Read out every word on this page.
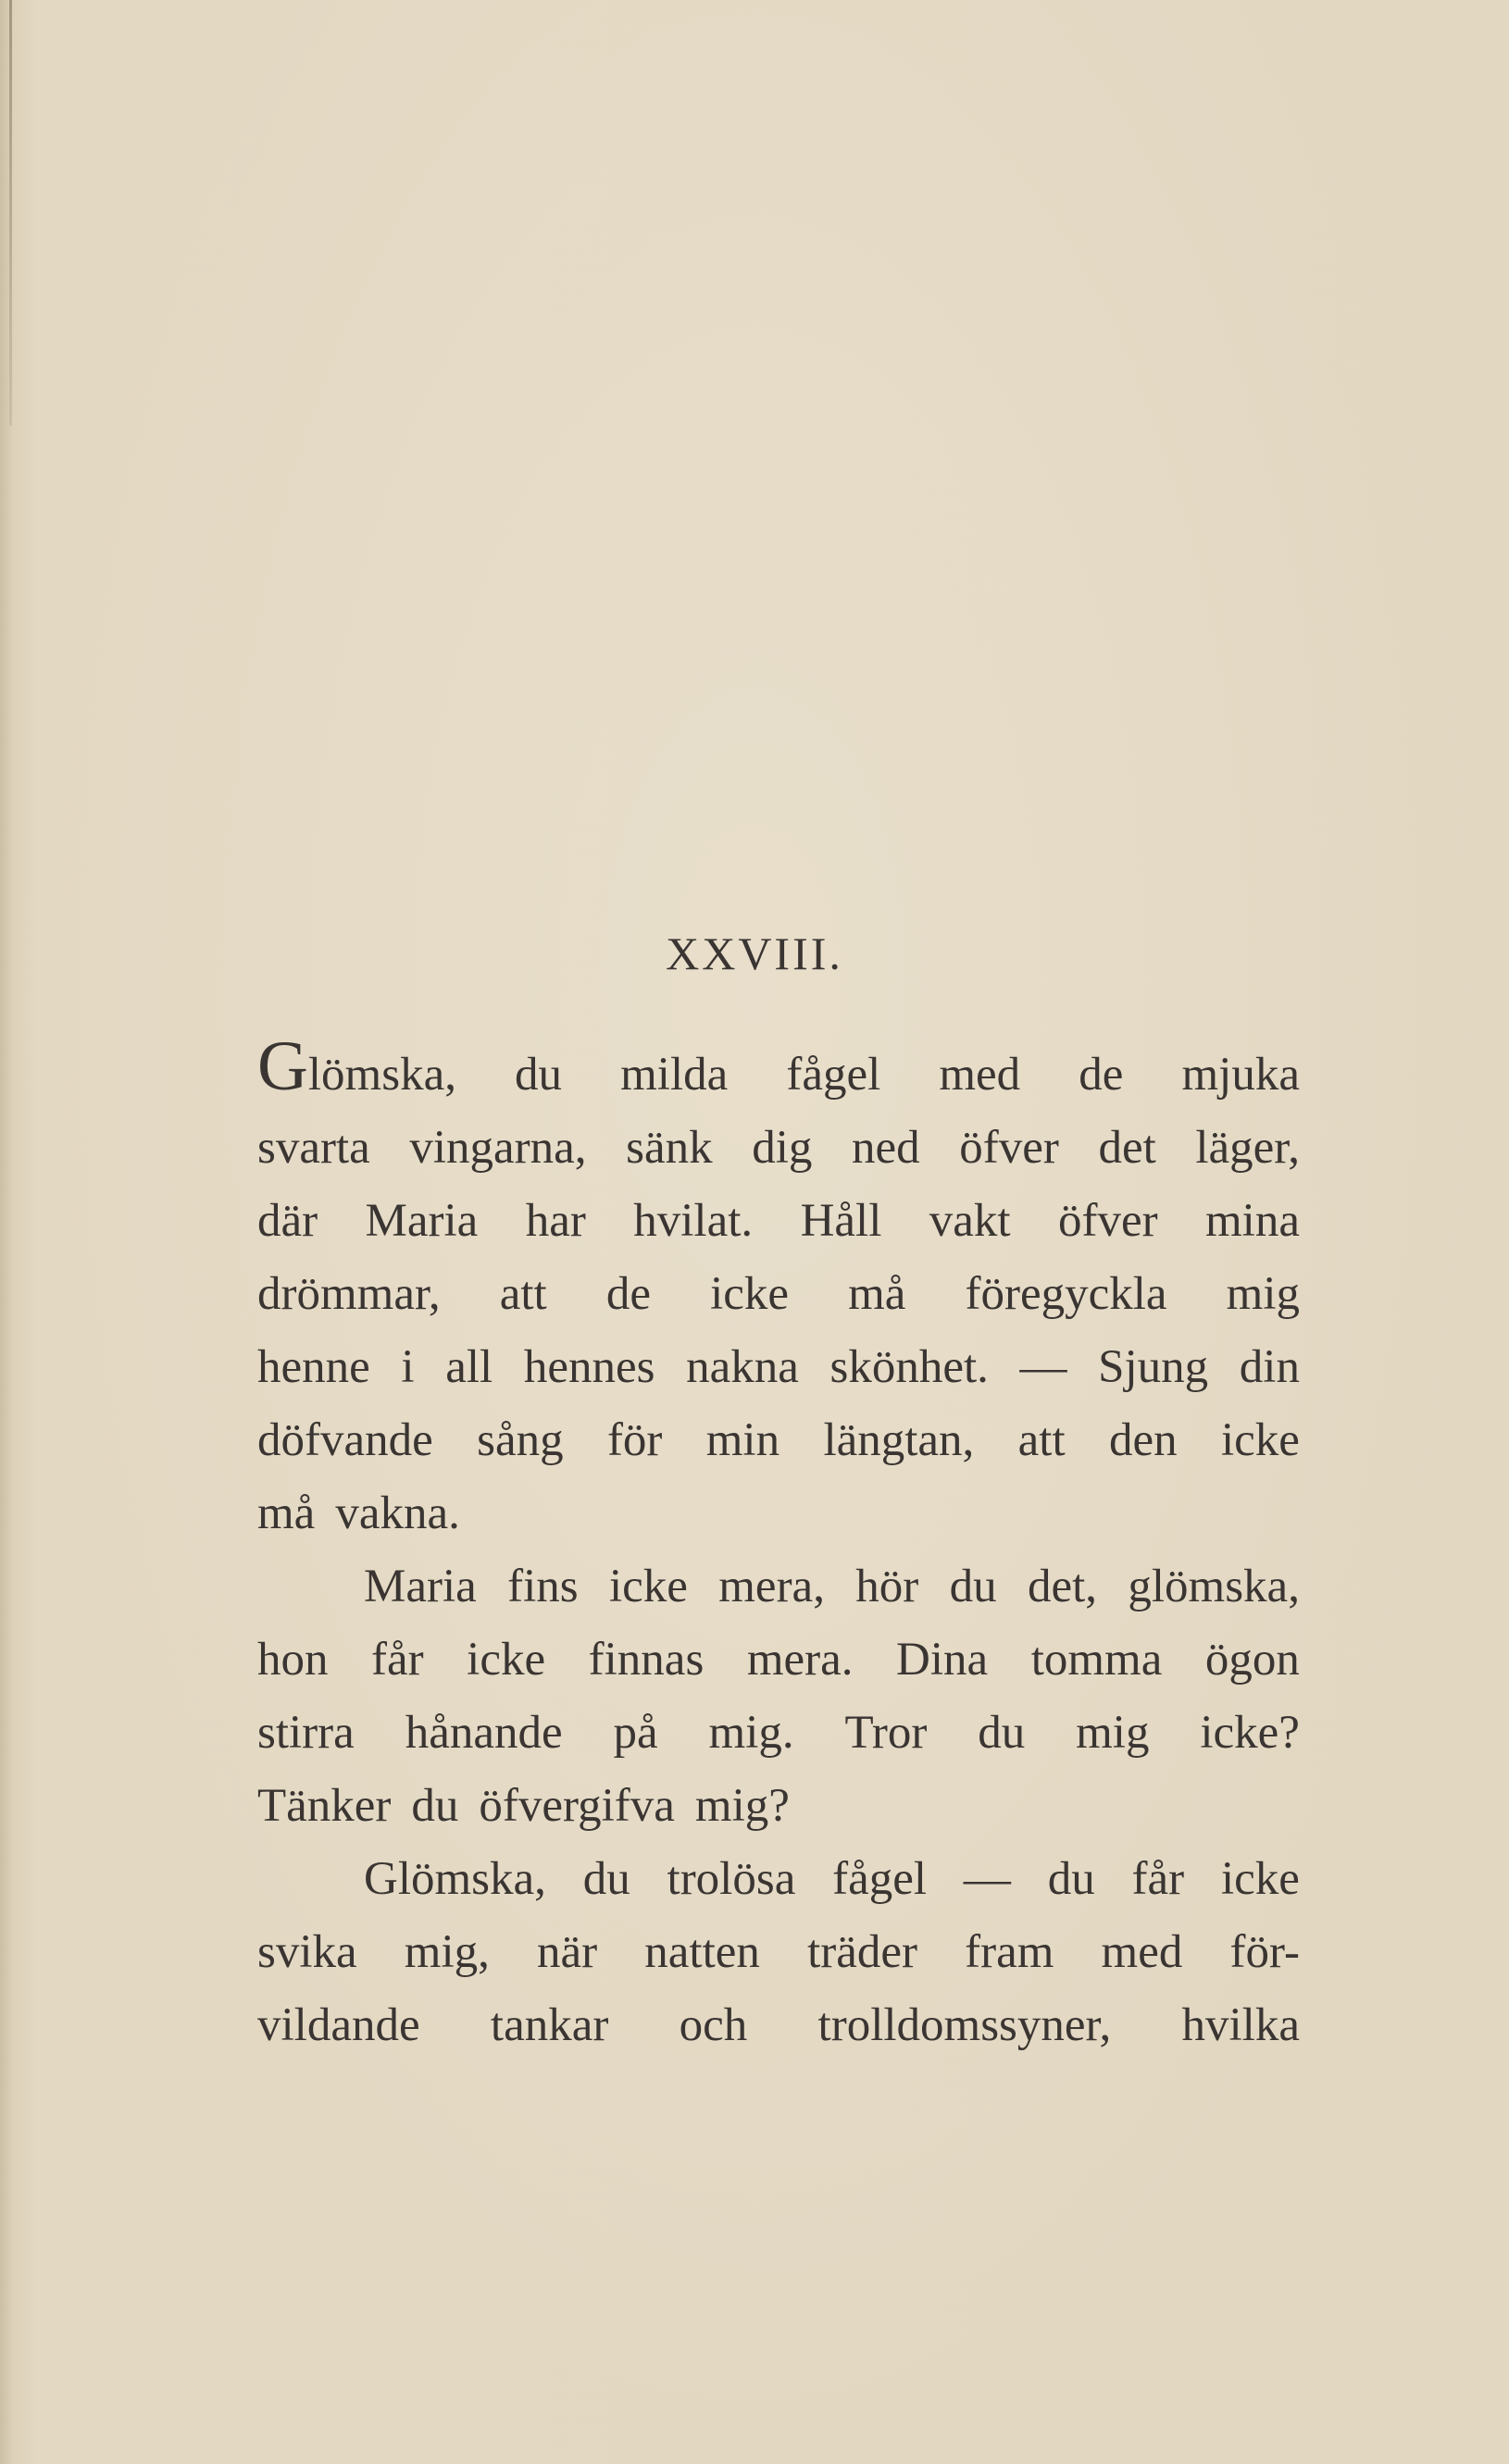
XXVIII.
Glömska, du milda fågel med de mjuka
svarta vingarna, sänk dig ned öfver det läger,
där Maria har hvilat. Håll vakt öfver mina
drömmar, att de icke må föregyckla mig
henne i all hennes nakna skönhet. — Sjung din
döfvande sång för min längtan, att den icke
må vakna.
Maria fins icke mera, hör du det, glömska,
hon får icke finnas mera. Dina tomma ögon
stirra hånande på mig. Tror du mig icke?
Tänker du öfvergifva mig?
Glömska, du trolösa fågel — du får icke
svika mig, när natten träder fram med för-
vildande tankar och trolldomssyner, hvilka
